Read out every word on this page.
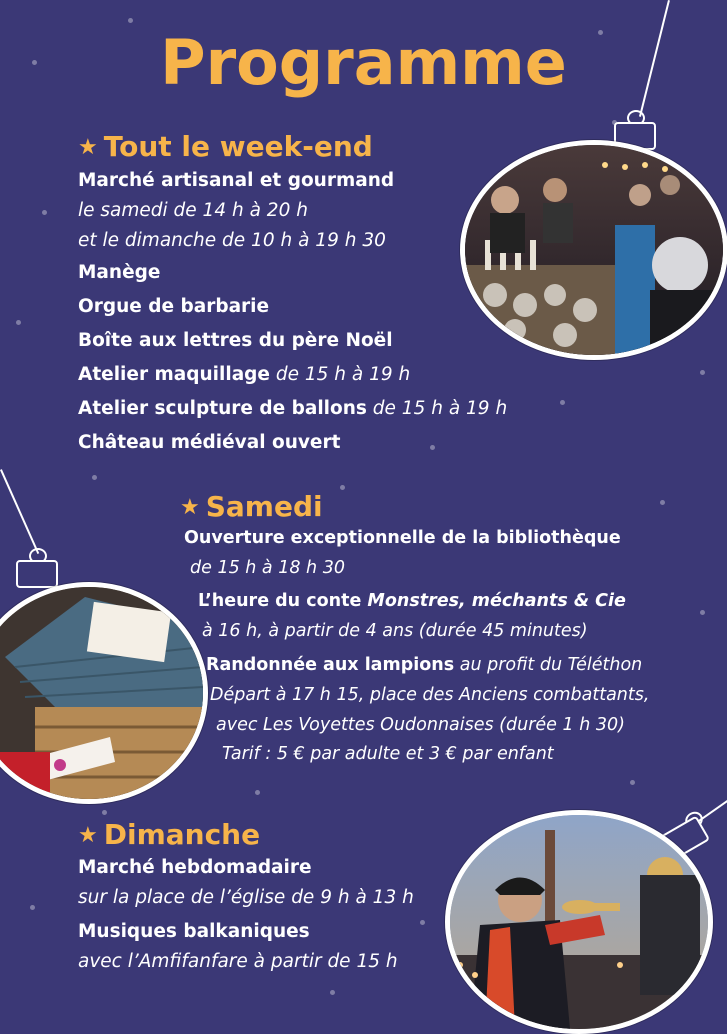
Programme
★ Tout le week-end
Marché artisanal et gourmand
le samedi de 14 h à 20 h
et le dimanche de 10 h à 19 h 30
Manège
Orgue de barbarie
Boîte aux lettres du père Noël
Atelier maquillage de 15 h à 19 h
Atelier sculpture de ballons de 15 h à 19 h
Château médiéval ouvert
★ Samedi
Ouverture exceptionnelle de la bibliothèque
de 15 h à 18 h 30
L’heure du conte Monstres, méchants & Cie
à 16 h, à partir de 4 ans (durée 45 minutes)
Randonnée aux lampions au profit du Téléthon
Départ à 17 h 15, place des Anciens combattants,
avec Les Voyettes Oudonnaises (durée 1 h 30)
Tarif : 5 € par adulte et 3 € par enfant
★ Dimanche
Marché hebdomadaire
sur la place de l’église de 9 h à 13 h
Musiques balkaniques
avec l’Amfifanfare à partir de 15 h
